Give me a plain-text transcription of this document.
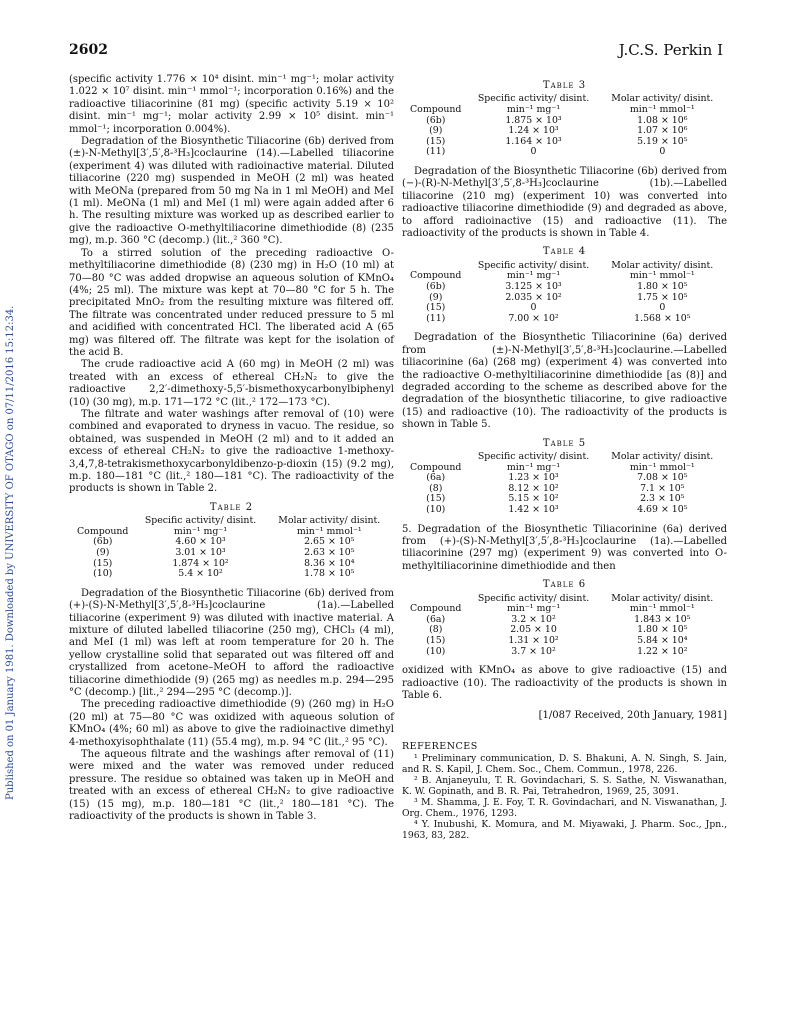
2602	J.C.S. Perkin I
Published on 01 January 1981. Downloaded by UNIVERSITY OF OTAGO on 07/11/2016 15:12:34.

(specific activity 1.776 × 10⁴ disint. min⁻¹ mg⁻¹; molar activity 1.022 × 10⁷ disint. min⁻¹ mmol⁻¹; incorporation 0.16%) and the radioactive tiliacorinine (81 mg) (specific activity 5.19 × 10² disint. min⁻¹ mg⁻¹; molar activity 2.99 × 10⁵ disint. min⁻¹ mmol⁻¹; incorporation 0.004%).

Degradation of the Biosynthetic Tiliacorine (6b) derived from (±)-N-Methyl[3′,5′,8-³H₃]coclaurine (14).—Labelled tiliacorine (experiment 4) was diluted with radioinactive material. Diluted tiliacorine (220 mg) suspended in MeOH (2 ml) was heated with MeONa (prepared from 50 mg Na in 1 ml MeOH) and MeI (1 ml). MeONa (1 ml) and MeI (1 ml) were again added after 6 h. The resulting mixture was worked up as described earlier to give the radioactive O-methyltiliacorine dimethiodide (8) (235 mg), m.p. 360 °C (decomp.) (lit.,² 360 °C).

To a stirred solution of the preceding radioactive O-methyltiliacorine dimethiodide (8) (230 mg) in H₂O (10 ml) at 70—80 °C was added dropwise an aqueous solution of KMnO₄ (4%; 25 ml). The mixture was kept at 70—80 °C for 5 h. The precipitated MnO₂ from the resulting mixture was filtered off. The filtrate was concentrated under reduced pressure to 5 ml and acidified with concentrated HCl. The liberated acid A (65 mg) was filtered off. The filtrate was kept for the isolation of the acid B.

The crude radioactive acid A (60 mg) in MeOH (2 ml) was treated with an excess of ethereal CH₂N₂ to give the radioactive 2,2′-dimethoxy-5,5′-bismethoxycarbonylbiphenyl (10) (30 mg), m.p. 171—172 °C (lit.,² 172—173 °C).

The filtrate and water washings after removal of (10) were combined and evaporated to dryness in vacuo. The residue, so obtained, was suspended in MeOH (2 ml) and to it added an excess of ethereal CH₂N₂ to give the radioactive 1-methoxy-3,4,7,8-tetrakismethoxycarbonyldibenzo-p-dioxin (15) (9.2 mg), m.p. 180—181 °C (lit.,² 180—181 °C). The radioactivity of the products is shown in Table 2.

Table 2
Compound	Specific activity/ disint. min⁻¹ mg⁻¹	Molar activity/ disint. min⁻¹ mmol⁻¹
(6b)	4.60 × 10³	2.65 × 10⁵
(9)	3.01 × 10³	2.63 × 10⁵
(15)	1.874 × 10²	8.36 × 10⁴
(10)	5.4 × 10²	1.78 × 10⁵

Degradation of the Biosynthetic Tiliacorine (6b) derived from (+)-(S)-N-Methyl[3′,5′,8-³H₃]coclaurine (1a).—Labelled tiliacorine (experiment 9) was diluted with inactive material. A mixture of diluted labelled tiliacorine (250 mg), CHCl₃ (4 ml), and MeI (1 ml) was left at room temperature for 20 h. The yellow crystalline solid that separated out was filtered off and crystallized from acetone–MeOH to afford the radioactive tiliacorine dimethiodide (9) (265 mg) as needles m.p. 294—295 °C (decomp.) [lit.,² 294—295 °C (decomp.)].

The preceding radioactive dimethiodide (9) (260 mg) in H₂O (20 ml) at 75—80 °C was oxidized with aqueous solution of KMnO₄ (4%; 60 ml) as above to give the radioinactive dimethyl 4-methoxyisophthalate (11) (55.4 mg), m.p. 94 °C (lit.,² 95 °C).

The aqueous filtrate and the washings after removal of (11) were mixed and the water was removed under reduced pressure. The residue so obtained was taken up in MeOH and treated with an excess of ethereal CH₂N₂ to give radioactive (15) (15 mg), m.p. 180—181 °C (lit.,² 180—181 °C). The radioactivity of the products is shown in Table 3.

Table 3
Compound	Specific activity/ disint. min⁻¹ mg⁻¹	Molar activity/ disint. min⁻¹ mmol⁻¹
(6b)	1.875 × 10³	1.08 × 10⁶
(9)	1.24 × 10³	1.07 × 10⁶
(15)	1.164 × 10³	5.19 × 10⁵
(11)	0	0

Degradation of the Biosynthetic Tiliacorine (6b) derived from (−)-(R)-N-Methyl[3′,5′,8-³H₃]coclaurine (1b).—Labelled tiliacorine (210 mg) (experiment 10) was converted into radioactive tiliacorine dimethiodide (9) and degraded as above, to afford radioinactive (15) and radioactive (11). The radioactivity of the products is shown in Table 4.

Table 4
Compound	Specific activity/ disint. min⁻¹ mg⁻¹	Molar activity/ disint. min⁻¹ mmol⁻¹
(6b)	3.125 × 10³	1.80 × 10⁵
(9)	2.035 × 10²	1.75 × 10⁵
(15)	0	0
(11)	7.00 × 10²	1.568 × 10⁵

Degradation of the Biosynthetic Tiliacorinine (6a) derived from (±)-N-Methyl[3′,5′,8-³H₃]coclaurine.—Labelled tiliacorinine (6a) (268 mg) (experiment 4) was converted into the radioactive O-methyltiliacorinine dimethiodide [as (8)] and degraded according to the scheme as described above for the degradation of the biosynthetic tiliacorine, to give radioactive (15) and radioactive (10). The radioactivity of the products is shown in Table 5.

Table 5
Compound	Specific activity/ disint. min⁻¹ mg⁻¹	Molar activity/ disint. min⁻¹ mmol⁻¹
(6a)	1.23 × 10³	7.08 × 10⁵
(8)	8.12 × 10²	7.1 × 10⁵
(15)	5.15 × 10²	2.3 × 10⁵
(10)	1.42 × 10³	4.69 × 10⁵

5. Degradation of the Biosynthetic Tiliacorinine (6a) derived from (+)-(S)-N-Methyl[3′,5′,8-³H₃]coclaurine (1a).—Labelled tiliacorinine (297 mg) (experiment 9) was converted into O-methyltiliacorinine dimethiodide and then

Table 6
Compound	Specific activity/ disint. min⁻¹ mg⁻¹	Molar activity/ disint. min⁻¹ mmol⁻¹
(6a)	3.2 × 10²	1.843 × 10⁵
(8)	2.05 × 10	1.80 × 10⁵
(15)	1.31 × 10²	5.84 × 10⁴
(10)	3.7 × 10²	1.22 × 10²

oxidized with KMnO₄ as above to give radioactive (15) and radioactive (10). The radioactivity of the products is shown in Table 6.

[1/087 Received, 20th January, 1981]
REFERENCES

¹ Preliminary communication, D. S. Bhakuni, A. N. Singh, S. Jain, and R. S. Kapil, J. Chem. Soc., Chem. Commun., 1978, 226.

² B. Anjaneyulu, T. R. Govindachari, S. S. Sathe, N. Viswanathan, K. W. Gopinath, and B. R. Pai, Tetrahedron, 1969, 25, 3091.

³ M. Shamma, J. E. Foy, T. R. Govindachari, and N. Viswanathan, J. Org. Chem., 1976, 1293.

⁴ Y. Inubushi, K. Momura, and M. Miyawaki, J. Pharm. Soc., Jpn., 1963, 83, 282.
